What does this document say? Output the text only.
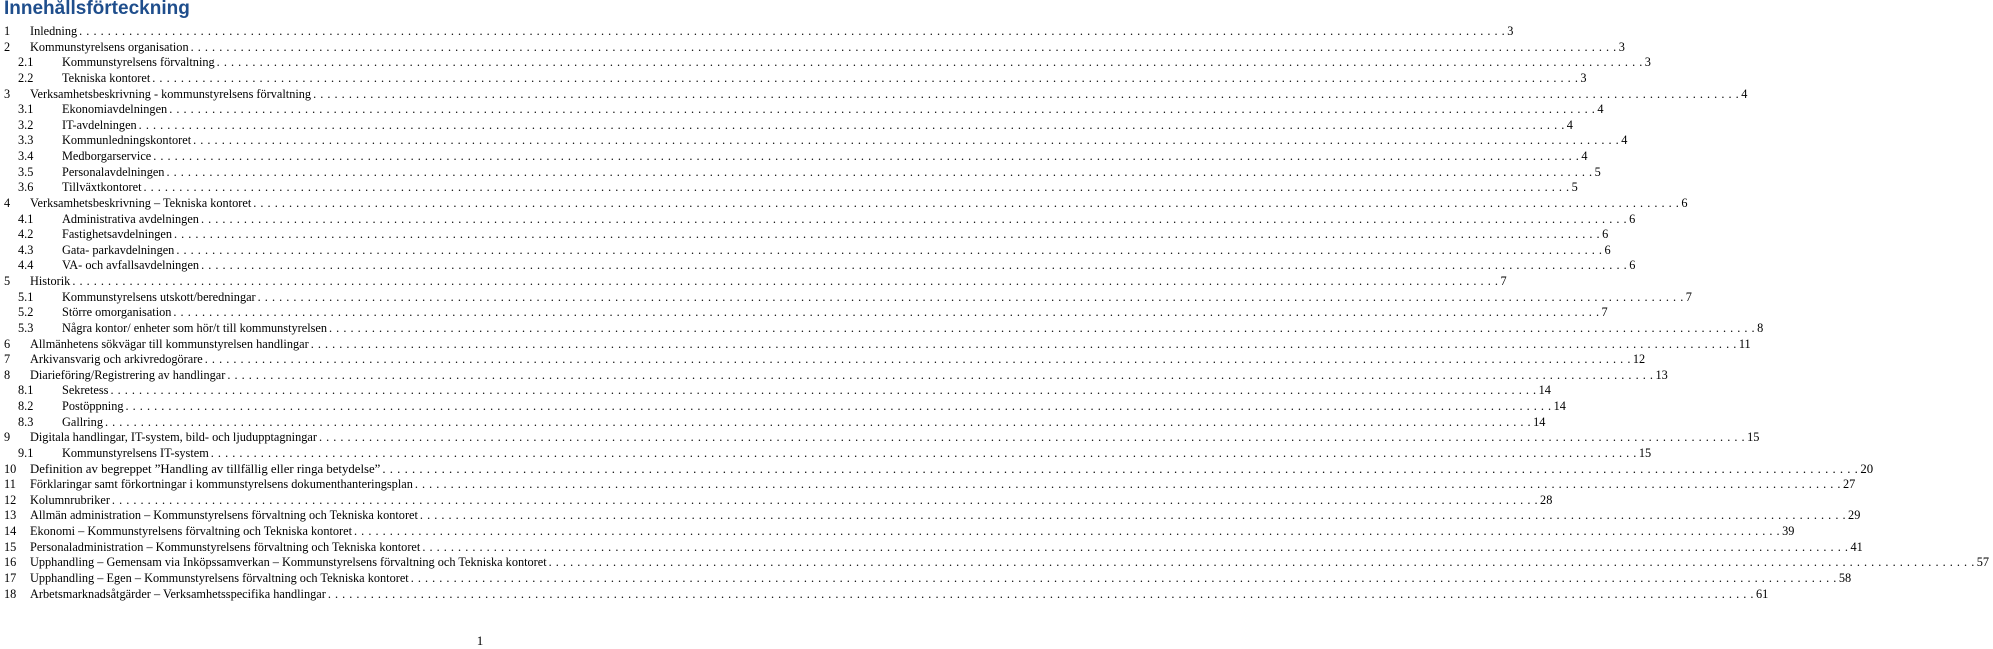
Innehållsförteckning
1 Inledning . . . . . . . . . . . . . . . . . . . . . . . . . . . . . . . . . . . . . . . . . . . . . . . . . . . . . . . . . . . . . . . . . . . . . . . . . . . . . . . . . . . . . . . . . . . . . . . . . . . . . . . . . . . . . . . . . . . . . . . . . . . . . . . . . . . . . . . . . . . . . . . . . . . . . . . . . . . . . . . . . . . . . . . . . . . . . . . . . . . . . . . . . . . . . . . . . . . . . . . . 3
2 Kommunstyrelsens organisation . . . . . . . . . . . . . . . . . . . . . . . . . . . . . . . . . . . . . . . . . . . . . . . . . . . . . . . . . . . . . . . . . . . . . . . . . . . . . . . . . . . . . . . . . . . . . . . . . . . . . . . . . . . . . . . . . . . . . . . . . . . . . . . . . . . . . . . . . . . . . . . . . . . . . . . . . . . . . . . . . . . . . . . . . . . . . . . . . . . . . . . . . . . . . . . . . . . . . . . . 3
2.1 Kommunstyrelsens förvaltning . . . . . . . . . . . . . . . . . . . . . . . . . . . . . . . . . . . . . . . . . . . . . . . . . . . . . . . . . . . . . . . . . . . . . . . . . . . . . . . . . . . . . . . . . . . . . . . . . . . . . . . . . . . . . . . . . . . . . . . . . . . . . . . . . . . . . . . . . . . . . . . . . . . . . . . . . . . . . . . . . . . . . . . . . . . . . . . . . . . . . . . . . . . . . . . . . . . . . . . . 3
2.2 Tekniska kontoret . . . . . . . . . . . . . . . . . . . . . . . . . . . . . . . . . . . . . . . . . . . . . . . . . . . . . . . . . . . . . . . . . . . . . . . . . . . . . . . . . . . . . . . . . . . . . . . . . . . . . . . . . . . . . . . . . . . . . . . . . . . . . . . . . . . . . . . . . . . . . . . . . . . . . . . . . . . . . . . . . . . . . . . . . . . . . . . . . . . . . . . . . . . . . . . . . . . . . . . . 3
3 Verksamhetsbeskrivning - kommunstyrelsens förvaltning . . . . . . . . . . . . . . . . . . . . . . . . . . . . . . . . . . . . . . . . . . . . . . . . . . . . . . . . . . . . . . . . . . . . . . . . . . . . . . . . . . . . . . . . . . . . . . . . . . . . . . . . . . . . . . . . . . . . . . . . . . . . . . . . . . . . . . . . . . . . . . . . . . . . . . . . . . . . . . . . . . . . . . . . . . . . . . . . . . . . . . . . . . . . . . . . . . . . . . . . 4
3.1 Ekonomiavdelningen . . . . . . . . . . . . . . . . . . . . . . . . . . . . . . . . . . . . . . . . . . . . . . . . . . . . . . . . . . . . . . . . . . . . . . . . . . . . . . . . . . . . . . . . . . . . . . . . . . . . . . . . . . . . . . . . . . . . . . . . . . . . . . . . . . . . . . . . . . . . . . . . . . . . . . . . . . . . . . . . . . . . . . . . . . . . . . . . . . . . . . . . . . . . . . . . . . . . . . . . 4
3.2 IT-avdelningen . . . . . . . . . . . . . . . . . . . . . . . . . . . . . . . . . . . . . . . . . . . . . . . . . . . . . . . . . . . . . . . . . . . . . . . . . . . . . . . . . . . . . . . . . . . . . . . . . . . . . . . . . . . . . . . . . . . . . . . . . . . . . . . . . . . . . . . . . . . . . . . . . . . . . . . . . . . . . . . . . . . . . . . . . . . . . . . . . . . . . . . . . . . . . . . . . . . . . . . . 4
3.3 Kommunledningskontoret . . . . . . . . . . . . . . . . . . . . . . . . . . . . . . . . . . . . . . . . . . . . . . . . . . . . . . . . . . . . . . . . . . . . . . . . . . . . . . . . . . . . . . . . . . . . . . . . . . . . . . . . . . . . . . . . . . . . . . . . . . . . . . . . . . . . . . . . . . . . . . . . . . . . . . . . . . . . . . . . . . . . . . . . . . . . . . . . . . . . . . . . . . . . . . . . . . . . . . . . 4
3.4 Medborgarservice . . . . . . . . . . . . . . . . . . . . . . . . . . . . . . . . . . . . . . . . . . . . . . . . . . . . . . . . . . . . . . . . . . . . . . . . . . . . . . . . . . . . . . . . . . . . . . . . . . . . . . . . . . . . . . . . . . . . . . . . . . . . . . . . . . . . . . . . . . . . . . . . . . . . . . . . . . . . . . . . . . . . . . . . . . . . . . . . . . . . . . . . . . . . . . . . . . . . . . . . 4
3.5 Personalavdelningen . . . . . . . . . . . . . . . . . . . . . . . . . . . . . . . . . . . . . . . . . . . . . . . . . . . . . . . . . . . . . . . . . . . . . . . . . . . . . . . . . . . . . . . . . . . . . . . . . . . . . . . . . . . . . . . . . . . . . . . . . . . . . . . . . . . . . . . . . . . . . . . . . . . . . . . . . . . . . . . . . . . . . . . . . . . . . . . . . . . . . . . . . . . . . . . . . . . . . . . . 5
3.6 Tillväxtkontoret . . . . . . . . . . . . . . . . . . . . . . . . . . . . . . . . . . . . . . . . . . . . . . . . . . . . . . . . . . . . . . . . . . . . . . . . . . . . . . . . . . . . . . . . . . . . . . . . . . . . . . . . . . . . . . . . . . . . . . . . . . . . . . . . . . . . . . . . . . . . . . . . . . . . . . . . . . . . . . . . . . . . . . . . . . . . . . . . . . . . . . . . . . . . . . . . . . . . . . . . 5
4 Verksamhetsbeskrivning – Tekniska kontoret . . . . . . . . . . . . . . . . . . . . . . . . . . . . . . . . . . . . . . . . . . . . . . . . . . . . . . . . . . . . . . . . . . . . . . . . . . . . . . . . . . . . . . . . . . . . . . . . . . . . . . . . . . . . . . . . . . . . . . . . . . . . . . . . . . . . . . . . . . . . . . . . . . . . . . . . . . . . . . . . . . . . . . . . . . . . . . . . . . . . . . . . . . . . . . . . . . . . . . . . 6
4.1 Administrativa avdelningen . . . . . . . . . . . . . . . . . . . . . . . . . . . . . . . . . . . . . . . . . . . . . . . . . . . . . . . . . . . . . . . . . . . . . . . . . . . . . . . . . . . . . . . . . . . . . . . . . . . . . . . . . . . . . . . . . . . . . . . . . . . . . . . . . . . . . . . . . . . . . . . . . . . . . . . . . . . . . . . . . . . . . . . . . . . . . . . . . . . . . . . . . . . . . . . . . . . . . . . . 6
4.2 Fastighetsavdelningen . . . . . . . . . . . . . . . . . . . . . . . . . . . . . . . . . . . . . . . . . . . . . . . . . . . . . . . . . . . . . . . . . . . . . . . . . . . . . . . . . . . . . . . . . . . . . . . . . . . . . . . . . . . . . . . . . . . . . . . . . . . . . . . . . . . . . . . . . . . . . . . . . . . . . . . . . . . . . . . . . . . . . . . . . . . . . . . . . . . . . . . . . . . . . . . . . . . . . . . . 6
4.3 Gata- parkavdelningen . . . . . . . . . . . . . . . . . . . . . . . . . . . . . . . . . . . . . . . . . . . . . . . . . . . . . . . . . . . . . . . . . . . . . . . . . . . . . . . . . . . . . . . . . . . . . . . . . . . . . . . . . . . . . . . . . . . . . . . . . . . . . . . . . . . . . . . . . . . . . . . . . . . . . . . . . . . . . . . . . . . . . . . . . . . . . . . . . . . . . . . . . . . . . . . . . . . . . . . . 6
4.4 VA- och avfallsavdelningen . . . . . . . . . . . . . . . . . . . . . . . . . . . . . . . . . . . . . . . . . . . . . . . . . . . . . . . . . . . . . . . . . . . . . . . . . . . . . . . . . . . . . . . . . . . . . . . . . . . . . . . . . . . . . . . . . . . . . . . . . . . . . . . . . . . . . . . . . . . . . . . . . . . . . . . . . . . . . . . . . . . . . . . . . . . . . . . . . . . . . . . . . . . . . . . . . . . . . . . . 6
5 Historik . . . . . . . . . . . . . . . . . . . . . . . . . . . . . . . . . . . . . . . . . . . . . . . . . . . . . . . . . . . . . . . . . . . . . . . . . . . . . . . . . . . . . . . . . . . . . . . . . . . . . . . . . . . . . . . . . . . . . . . . . . . . . . . . . . . . . . . . . . . . . . . . . . . . . . . . . . . . . . . . . . . . . . . . . . . . . . . . . . . . . . . . . . . . . . . . . . . . . . . . 7
5.1 Kommunstyrelsens utskott/beredningar . . . . . . . . . . . . . . . . . . . . . . . . . . . . . . . . . . . . . . . . . . . . . . . . . . . . . . . . . . . . . . . . . . . . . . . . . . . . . . . . . . . . . . . . . . . . . . . . . . . . . . . . . . . . . . . . . . . . . . . . . . . . . . . . . . . . . . . . . . . . . . . . . . . . . . . . . . . . . . . . . . . . . . . . . . . . . . . . . . . . . . . . . . . . . . . . . . . . . . . . 7
5.2 Större omorganisation . . . . . . . . . . . . . . . . . . . . . . . . . . . . . . . . . . . . . . . . . . . . . . . . . . . . . . . . . . . . . . . . . . . . . . . . . . . . . . . . . . . . . . . . . . . . . . . . . . . . . . . . . . . . . . . . . . . . . . . . . . . . . . . . . . . . . . . . . . . . . . . . . . . . . . . . . . . . . . . . . . . . . . . . . . . . . . . . . . . . . . . . . . . . . . . . . . . . . . . . 7
5.3 Några kontor/ enheter som hör/t till kommunstyrelsen . . . . . . . . . . . . . . . . . . . . . . . . . . . . . . . . . . . . . . . . . . . . . . . . . . . . . . . . . . . . . . . . . . . . . . . . . . . . . . . . . . . . . . . . . . . . . . . . . . . . . . . . . . . . . . . . . . . . . . . . . . . . . . . . . . . . . . . . . . . . . . . . . . . . . . . . . . . . . . . . . . . . . . . . . . . . . . . . . . . . . . . . . . . . . . . . . . . . . . . . 8
6 Allmänhetens sökvägar till kommunstyrelsen handlingar . . . . . . . . . . . . . . . . . . . . . . . . . . . . . . . . . . . . . . . . . . . . . . . . . . . . . . . . . . . . . . . . . . . . . . . . . . . . . . . . . . . . . . . . . . . . . . . . . . . . . . . . . . . . . . . . . . . . . . . . . . . . . . . . . . . . . . . . . . . . . . . . . . . . . . . . . . . . . . . . . . . . . . . . . . . . . . . . . . . . . . . . . . . . . . . . . . . . . . . . 11
7 Arkivansvarig och arkivredogörare . . . . . . . . . . . . . . . . . . . . . . . . . . . . . . . . . . . . . . . . . . . . . . . . . . . . . . . . . . . . . . . . . . . . . . . . . . . . . . . . . . . . . . . . . . . . . . . . . . . . . . . . . . . . . . . . . . . . . . . . . . . . . . . . . . . . . . . . . . . . . . . . . . . . . . . . . . . . . . . . . . . . . . . . . . . . . . . . . . . . . . . . . . . . . . . . . . . . . . . . 12
8 Diarieföring/Registrering av handlingar . . . . . . . . . . . . . . . . . . . . . . . . . . . . . . . . . . . . . . . . . . . . . . . . . . . . . . . . . . . . . . . . . . . . . . . . . . . . . . . . . . . . . . . . . . . . . . . . . . . . . . . . . . . . . . . . . . . . . . . . . . . . . . . . . . . . . . . . . . . . . . . . . . . . . . . . . . . . . . . . . . . . . . . . . . . . . . . . . . . . . . . . . . . . . . . . . . . . . . . . 13
8.1 Sekretess . . . . . . . . . . . . . . . . . . . . . . . . . . . . . . . . . . . . . . . . . . . . . . . . . . . . . . . . . . . . . . . . . . . . . . . . . . . . . . . . . . . . . . . . . . . . . . . . . . . . . . . . . . . . . . . . . . . . . . . . . . . . . . . . . . . . . . . . . . . . . . . . . . . . . . . . . . . . . . . . . . . . . . . . . . . . . . . . . . . . . . . . . . . . . . . . . . . . . . . . 14
8.2 Postöppning . . . . . . . . . . . . . . . . . . . . . . . . . . . . . . . . . . . . . . . . . . . . . . . . . . . . . . . . . . . . . . . . . . . . . . . . . . . . . . . . . . . . . . . . . . . . . . . . . . . . . . . . . . . . . . . . . . . . . . . . . . . . . . . . . . . . . . . . . . . . . . . . . . . . . . . . . . . . . . . . . . . . . . . . . . . . . . . . . . . . . . . . . . . . . . . . . . . . . . . . 14
8.3 Gallring . . . . . . . . . . . . . . . . . . . . . . . . . . . . . . . . . . . . . . . . . . . . . . . . . . . . . . . . . . . . . . . . . . . . . . . . . . . . . . . . . . . . . . . . . . . . . . . . . . . . . . . . . . . . . . . . . . . . . . . . . . . . . . . . . . . . . . . . . . . . . . . . . . . . . . . . . . . . . . . . . . . . . . . . . . . . . . . . . . . . . . . . . . . . . . . . . . . . . . . . 14
9 Digitala handlingar, IT-system, bild- och ljudupptagningar . . . . . . . . . . . . . . . . . . . . . . . . . . . . . . . . . . . . . . . . . . . . . . . . . . . . . . . . . . . . . . . . . . . . . . . . . . . . . . . . . . . . . . . . . . . . . . . . . . . . . . . . . . . . . . . . . . . . . . . . . . . . . . . . . . . . . . . . . . . . . . . . . . . . . . . . . . . . . . . . . . . . . . . . . . . . . . . . . . . . . . . . . . . . . . . . . . . . . . . . 15
9.1 Kommunstyrelsens IT-system . . . . . . . . . . . . . . . . . . . . . . . . . . . . . . . . . . . . . . . . . . . . . . . . . . . . . . . . . . . . . . . . . . . . . . . . . . . . . . . . . . . . . . . . . . . . . . . . . . . . . . . . . . . . . . . . . . . . . . . . . . . . . . . . . . . . . . . . . . . . . . . . . . . . . . . . . . . . . . . . . . . . . . . . . . . . . . . . . . . . . . . . . . . . . . . . . . . . . . . . 15
10 Definition av begreppet ”Handling av tillfällig eller ringa betydelse” . . . . . . . . . . . . . . . . . . . . . . . . . . . . . . . . . . . . . . . . . . . . . . . . . . . . . . . . . . . . . . . . . . . . . . . . . . . . . . . . . . . . . . . . . . . . . . . . . . . . . . . . . . . . . . . . . . . . . . . . . . . . . . . . . . . . . . . . . . . . . . . . . . . . . . . . . . . . . . . . . . . . . . . . . . . . . . . . . . . . . . . . . . . . . . . . . . . . . . . . 20
11 Förklaringar samt förkortningar i kommunstyrelsens dokumenthanteringsplan . . . . . . . . . . . . . . . . . . . . . . . . . . . . . . . . . . . . . . . . . . . . . . . . . . . . . . . . . . . . . . . . . . . . . . . . . . . . . . . . . . . . . . . . . . . . . . . . . . . . . . . . . . . . . . . . . . . . . . . . . . . . . . . . . . . . . . . . . . . . . . . . . . . . . . . . . . . . . . . . . . . . . . . . . . . . . . . . . . . . . . . . . . . . . . . . . . . . . . . . 27
12 Kolumnrubriker . . . . . . . . . . . . . . . . . . . . . . . . . . . . . . . . . . . . . . . . . . . . . . . . . . . . . . . . . . . . . . . . . . . . . . . . . . . . . . . . . . . . . . . . . . . . . . . . . . . . . . . . . . . . . . . . . . . . . . . . . . . . . . . . . . . . . . . . . . . . . . . . . . . . . . . . . . . . . . . . . . . . . . . . . . . . . . . . . . . . . . . . . . . . . . . . . . . . . . . . 28
13 Allmän administration – Kommunstyrelsens förvaltning och Tekniska kontoret . . . . . . . . . . . . . . . . . . . . . . . . . . . . . . . . . . . . . . . . . . . . . . . . . . . . . . . . . . . . . . . . . . . . . . . . . . . . . . . . . . . . . . . . . . . . . . . . . . . . . . . . . . . . . . . . . . . . . . . . . . . . . . . . . . . . . . . . . . . . . . . . . . . . . . . . . . . . . . . . . . . . . . . . . . . . . . . . . . . . . . . . . . . . . . . . . . . . . . . . 29
14 Ekonomi – Kommunstyrelsens förvaltning och Tekniska kontoret . . . . . . . . . . . . . . . . . . . . . . . . . . . . . . . . . . . . . . . . . . . . . . . . . . . . . . . . . . . . . . . . . . . . . . . . . . . . . . . . . . . . . . . . . . . . . . . . . . . . . . . . . . . . . . . . . . . . . . . . . . . . . . . . . . . . . . . . . . . . . . . . . . . . . . . . . . . . . . . . . . . . . . . . . . . . . . . . . . . . . . . . . . . . . . . . . . . . . . . . 39
15 Personaladministration – Kommunstyrelsens förvaltning och Tekniska kontoret . . . . . . . . . . . . . . . . . . . . . . . . . . . . . . . . . . . . . . . . . . . . . . . . . . . . . . . . . . . . . . . . . . . . . . . . . . . . . . . . . . . . . . . . . . . . . . . . . . . . . . . . . . . . . . . . . . . . . . . . . . . . . . . . . . . . . . . . . . . . . . . . . . . . . . . . . . . . . . . . . . . . . . . . . . . . . . . . . . . . . . . . . . . . . . . . . . . . . . . . 41
16 Upphandling – Gemensam via Inköpssamverkan – Kommunstyrelsens förvaltning och Tekniska kontoret . . . . . . . . . . . . . . . . . . . . . . . . . . . . . . . . . . . . . . . . . . . . . . . . . . . . . . . . . . . . . . . . . . . . . . . . . . . . . . . . . . . . . . . . . . . . . . . . . . . . . . . . . . . . . . . . . . . . . . . . . . . . . . . . . . . . . . . . . . . . . . . . . . . . . . . . . . . . . . . . . . . . . . . . . . . . . . . . . . . . . . . . . . . . . . . . . . . . . . . . 57
17 Upphandling – Egen – Kommunstyrelsens förvaltning och Tekniska kontoret . . . . . . . . . . . . . . . . . . . . . . . . . . . . . . . . . . . . . . . . . . . . . . . . . . . . . . . . . . . . . . . . . . . . . . . . . . . . . . . . . . . . . . . . . . . . . . . . . . . . . . . . . . . . . . . . . . . . . . . . . . . . . . . . . . . . . . . . . . . . . . . . . . . . . . . . . . . . . . . . . . . . . . . . . . . . . . . . . . . . . . . . . . . . . . . . . . . . . . . . 58
18 Arbetsmarknadsåtgärder – Verksamhetsspecifika handlingar . . . . . . . . . . . . . . . . . . . . . . . . . . . . . . . . . . . . . . . . . . . . . . . . . . . . . . . . . . . . . . . . . . . . . . . . . . . . . . . . . . . . . . . . . . . . . . . . . . . . . . . . . . . . . . . . . . . . . . . . . . . . . . . . . . . . . . . . . . . . . . . . . . . . . . . . . . . . . . . . . . . . . . . . . . . . . . . . . . . . . . . . . . . . . . . . . . . . . . . . 61
1
